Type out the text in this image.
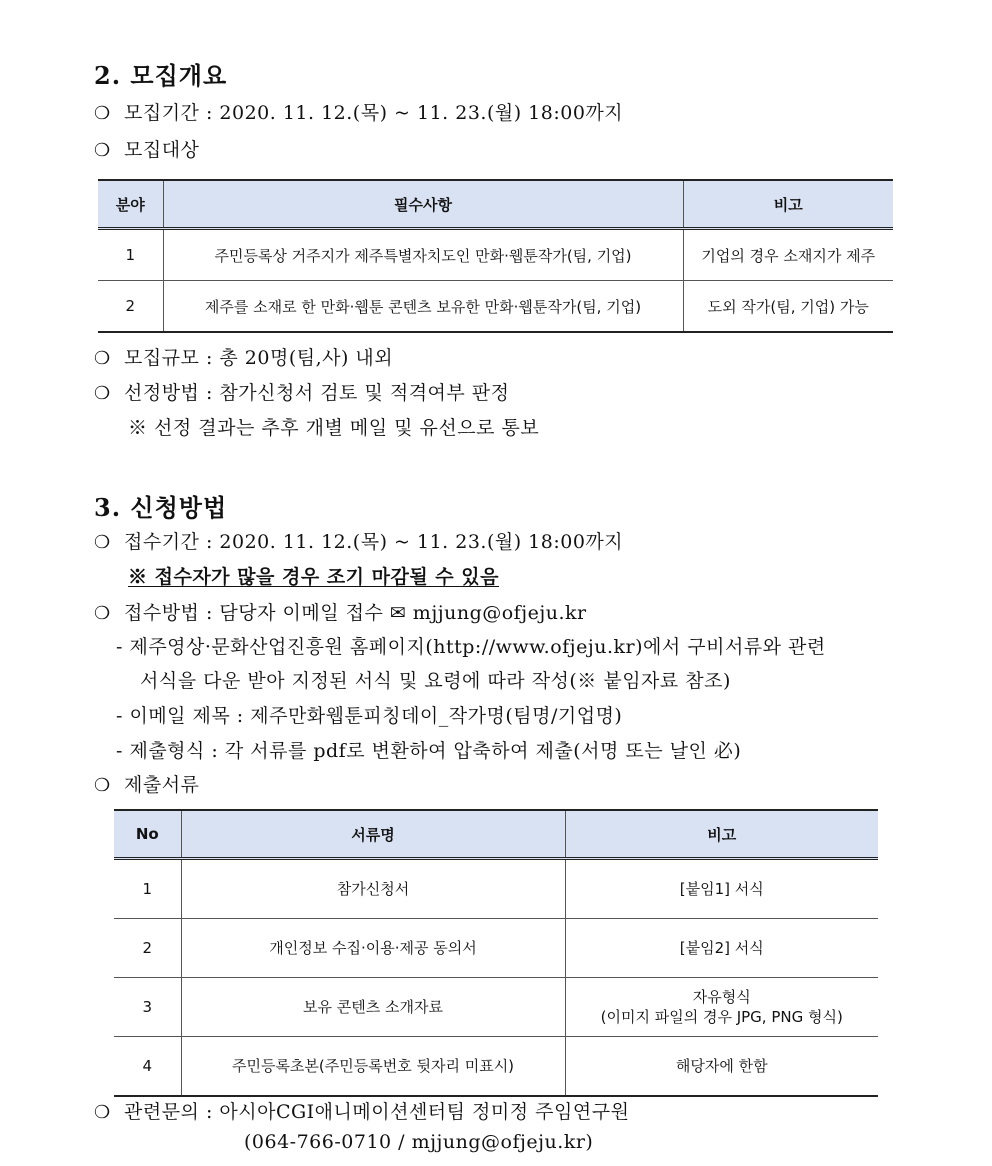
2. 모집개요
❍ 모집기간 : 2020. 11. 12.(목) ~ 11. 23.(월) 18:00까지
❍ 모집대상
분야	필수사항	비고
1	주민등록상 거주지가 제주특별자치도인 만화·웹툰작가(팀, 기업)	기업의 경우 소재지가 제주
2	제주를 소재로 한 만화·웹툰 콘텐츠 보유한 만화·웹툰작가(팀, 기업)	도외 작가(팀, 기업) 가능
❍ 모집규모 : 총 20명(팀,사) 내외
❍ 선정방법 : 참가신청서 검토 및 적격여부 판정
※ 선정 결과는 추후 개별 메일 및 유선으로 통보
3. 신청방법
❍ 접수기간 : 2020. 11. 12.(목) ~ 11. 23.(월) 18:00까지
※ 접수자가 많을 경우 조기 마감될 수 있음
❍ 접수방법 : 담당자 이메일 접수 ✉ mjjung@ofjeju.kr
- 제주영상·문화산업진흥원 홈페이지(http://www.ofjeju.kr)에서 구비서류와 관련
서식을 다운 받아 지정된 서식 및 요령에 따라 작성(※ 붙임자료 참조)
- 이메일 제목 : 제주만화웹툰피칭데이_작가명(팀명/기업명)
- 제출형식 : 각 서류를 pdf로 변환하여 압축하여 제출(서명 또는 날인 必)
❍ 제출서류
No	서류명	비고
1	참가신청서	[붙임1] 서식
2	개인정보 수집·이용·제공 동의서	[붙임2] 서식
3	보유 콘텐츠 소개자료	자유형식
(이미지 파일의 경우 JPG, PNG 형식)
4	주민등록초본(주민등록번호 뒷자리 미표시)	해당자에 한함
❍ 관련문의 : 아시아CGI애니메이션센터팀 정미정 주임연구원
(064-766-0710 / mjjung@ofjeju.kr)
